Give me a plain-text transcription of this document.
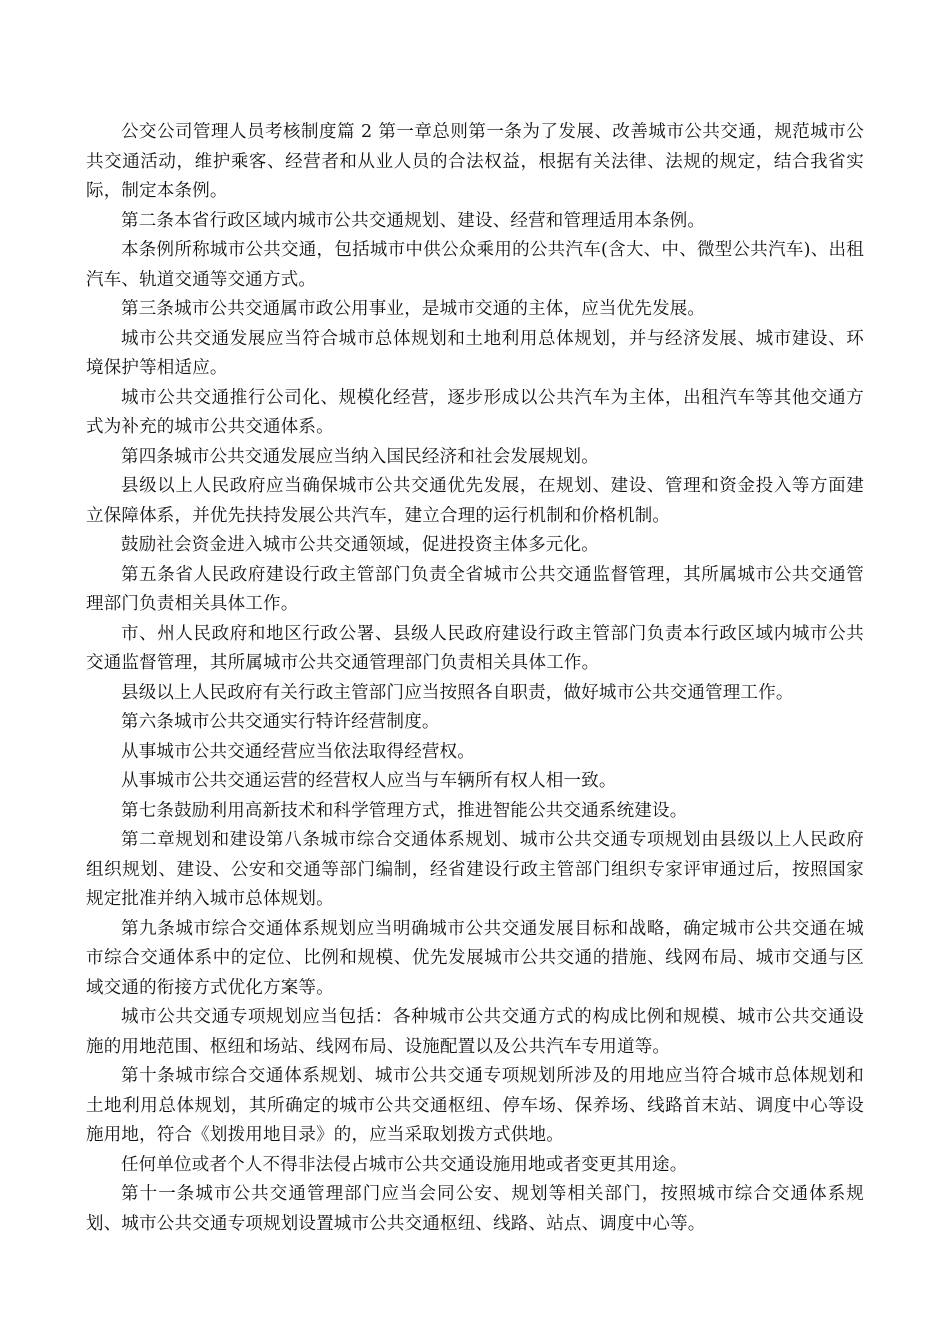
公交公司管理人员考核制度篇 2 第一章总则第一条为了发展、改善城市公共交通，规范城市公共交通活动，维护乘客、经营者和从业人员的合法权益，根据有关法律、法规的规定，结合我省实际，制定本条例。

第二条本省行政区域内城市公共交通规划、建设、经营和管理适用本条例。

本条例所称城市公共交通，包括城市中供公众乘用的公共汽车(含大、中、微型公共汽车)、出租汽车、轨道交通等交通方式。

第三条城市公共交通属市政公用事业，是城市交通的主体，应当优先发展。

城市公共交通发展应当符合城市总体规划和土地利用总体规划，并与经济发展、城市建设、环境保护等相适应。

城市公共交通推行公司化、规模化经营，逐步形成以公共汽车为主体，出租汽车等其他交通方式为补充的城市公共交通体系。

第四条城市公共交通发展应当纳入国民经济和社会发展规划。

县级以上人民政府应当确保城市公共交通优先发展，在规划、建设、管理和资金投入等方面建立保障体系，并优先扶持发展公共汽车，建立合理的运行机制和价格机制。

鼓励社会资金进入城市公共交通领域，促进投资主体多元化。

第五条省人民政府建设行政主管部门负责全省城市公共交通监督管理，其所属城市公共交通管理部门负责相关具体工作。

市、州人民政府和地区行政公署、县级人民政府建设行政主管部门负责本行政区域内城市公共交通监督管理，其所属城市公共交通管理部门负责相关具体工作。

县级以上人民政府有关行政主管部门应当按照各自职责，做好城市公共交通管理工作。

第六条城市公共交通实行特许经营制度。

从事城市公共交通经营应当依法取得经营权。

从事城市公共交通运营的经营权人应当与车辆所有权人相一致。

第七条鼓励利用高新技术和科学管理方式，推进智能公共交通系统建设。

第二章规划和建设第八条城市综合交通体系规划、城市公共交通专项规划由县级以上人民政府组织规划、建设、公安和交通等部门编制，经省建设行政主管部门组织专家评审通过后，按照国家规定批准并纳入城市总体规划。

第九条城市综合交通体系规划应当明确城市公共交通发展目标和战略，确定城市公共交通在城市综合交通体系中的定位、比例和规模、优先发展城市公共交通的措施、线网布局、城市交通与区域交通的衔接方式优化方案等。

城市公共交通专项规划应当包括：各种城市公共交通方式的构成比例和规模、城市公共交通设施的用地范围、枢纽和场站、线网布局、设施配置以及公共汽车专用道等。

第十条城市综合交通体系规划、城市公共交通专项规划所涉及的用地应当符合城市总体规划和土地利用总体规划，其所确定的城市公共交通枢纽、停车场、保养场、线路首末站、调度中心等设施用地，符合《划拨用地目录》的，应当采取划拨方式供地。

任何单位或者个人不得非法侵占城市公共交通设施用地或者变更其用途。

第十一条城市公共交通管理部门应当会同公安、规划等相关部门，按照城市综合交通体系规划、城市公共交通专项规划设置城市公共交通枢纽、线路、站点、调度中心等。
